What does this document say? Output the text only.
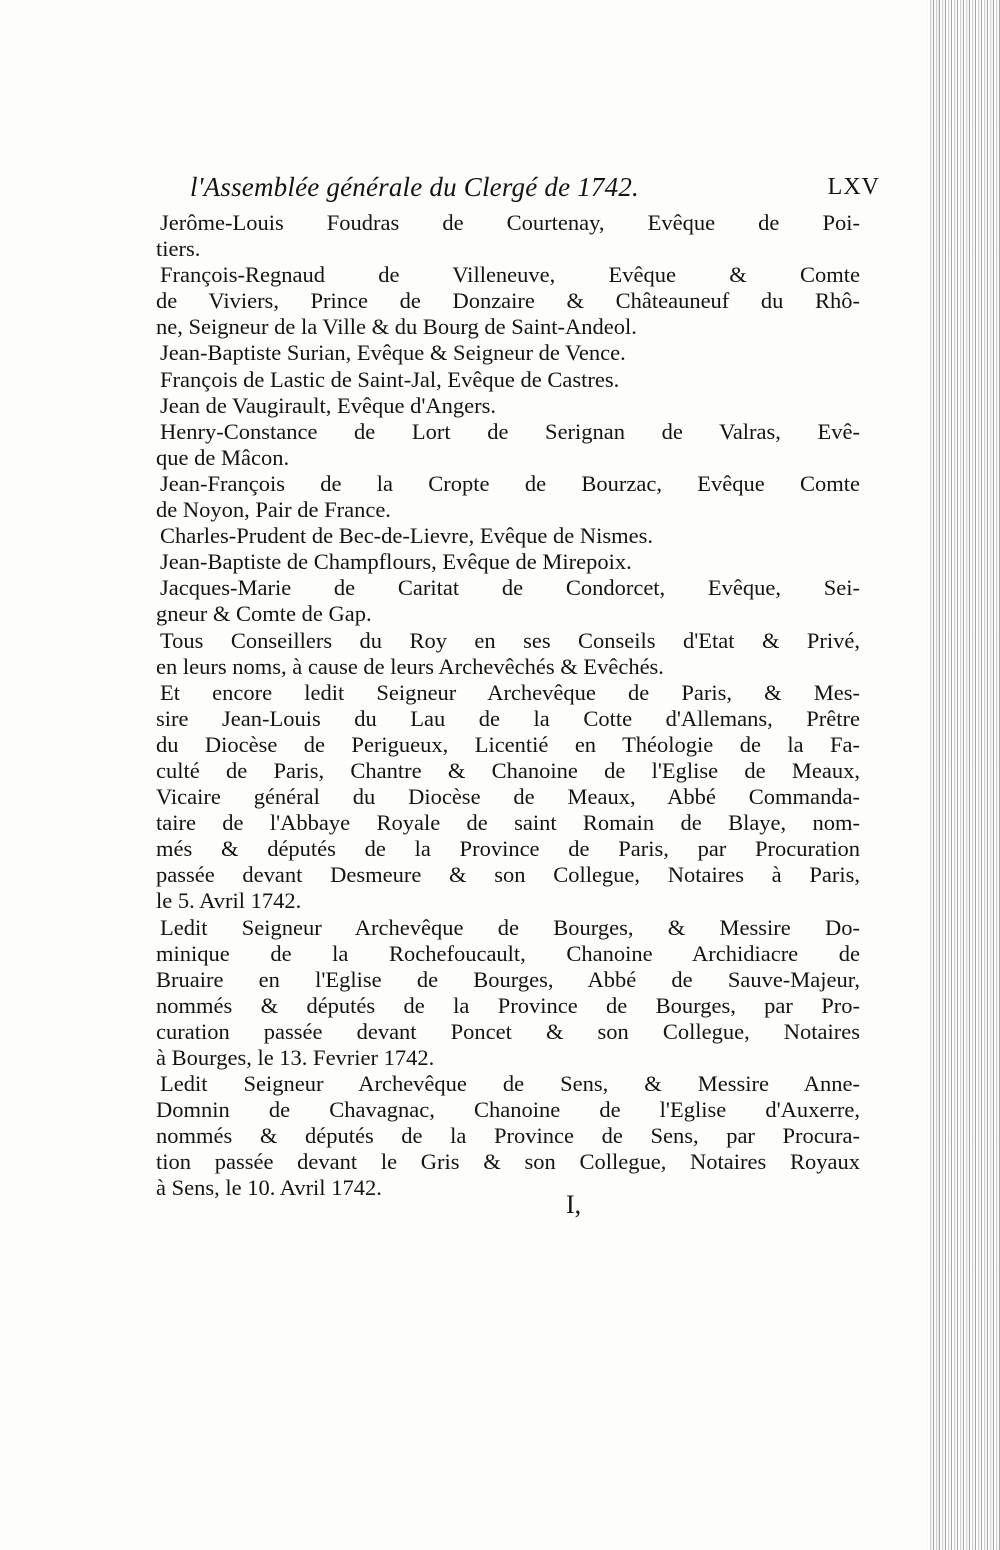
l'Assemblée générale du Clergé de 1742.	LXV
Jerôme-Louis Foudras de Courtenay, Evêque de Poi-
tiers.
François-Regnaud de Villeneuve, Evêque & Comte
de Viviers, Prince de Donzaire & Châteauneuf du Rhô-
ne, Seigneur de la Ville & du Bourg de Saint-Andeol.
Jean-Baptiste Surian, Evêque & Seigneur de Vence.
François de Lastic de Saint-Jal, Evêque de Castres.
Jean de Vaugirault, Evêque d'Angers.
Henry-Constance de Lort de Serignan de Valras, Evê-
que de Mâcon.
Jean-François de la Cropte de Bourzac, Evêque Comte
de Noyon, Pair de France.
Charles-Prudent de Bec-de-Lievre, Evêque de Nismes.
Jean-Baptiste de Champflours, Evêque de Mirepoix.
Jacques-Marie de Caritat de Condorcet, Evêque, Sei-
gneur & Comte de Gap.
Tous Conseillers du Roy en ses Conseils d'Etat & Privé,
en leurs noms, à cause de leurs Archevêchés & Evêchés.
Et encore ledit Seigneur Archevêque de Paris, & Mes-
sire Jean-Louis du Lau de la Cotte d'Allemans, Prêtre
du Diocèse de Perigueux, Licentié en Théologie de la Fa-
culté de Paris, Chantre & Chanoine de l'Eglise de Meaux,
Vicaire général du Diocèse de Meaux, Abbé Commanda-
taire de l'Abbaye Royale de saint Romain de Blaye, nom-
més & députés de la Province de Paris, par Procuration
passée devant Desmeure & son Collegue, Notaires à Paris,
le 5. Avril 1742.
Ledit Seigneur Archevêque de Bourges, & Messire Do-
minique de la Rochefoucault, Chanoine Archidiacre de
Bruaire en l'Eglise de Bourges, Abbé de Sauve-Majeur,
nommés & députés de la Province de Bourges, par Pro-
curation passée devant Poncet & son Collegue, Notaires
à Bourges, le 13. Fevrier 1742.
Ledit Seigneur Archevêque de Sens, & Messire Anne-
Domnin de Chavagnac, Chanoine de l'Eglise d'Auxerre,
nommés & députés de la Province de Sens, par Procura-
tion passée devant le Gris & son Collegue, Notaires Royaux
à Sens, le 10. Avril 1742.
I,
